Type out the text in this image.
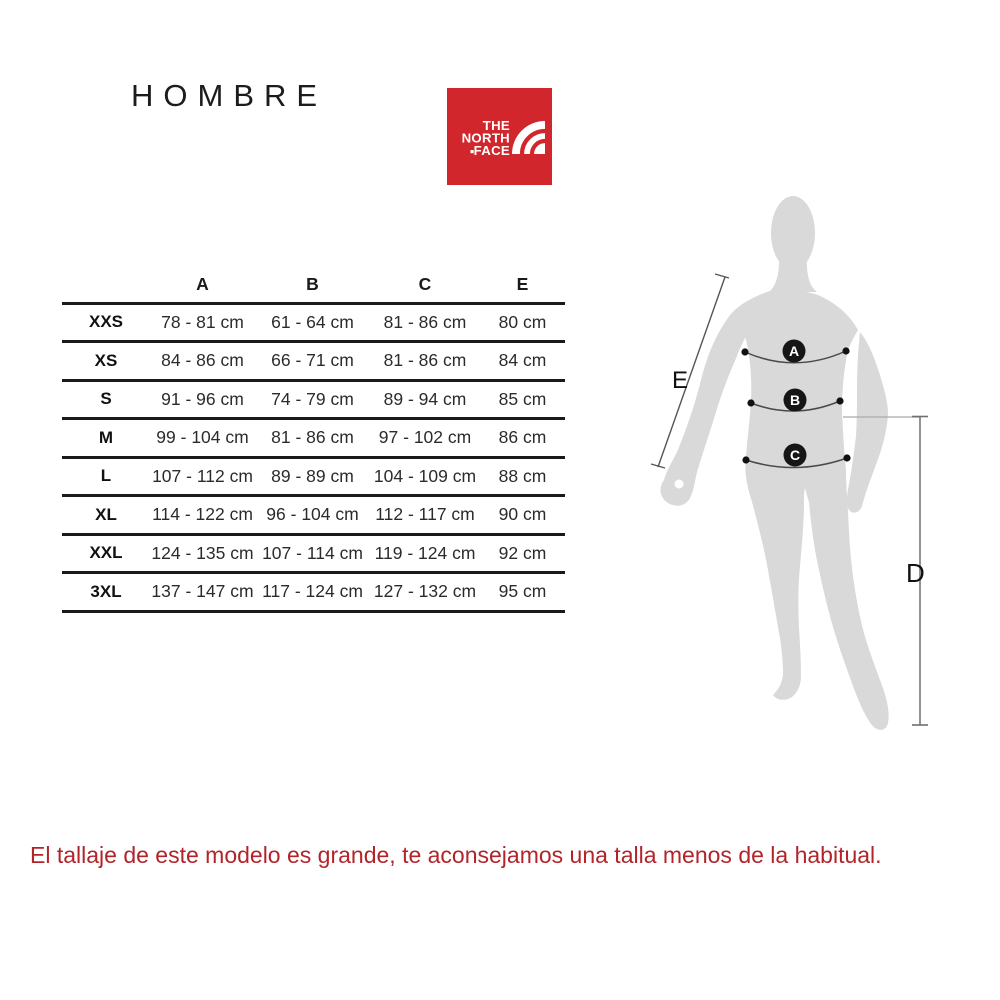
HOMBRE
THE
NORTH
FACE
	A	B	C	E
XXS	78 - 81 cm	61 - 64 cm	81 - 86 cm	80 cm
XS	84 - 86 cm	66 - 71 cm	81 - 86 cm	84 cm
S	91 - 96 cm	74 - 79 cm	89 - 94 cm	85 cm
M	99 - 104 cm	81 - 86 cm	97 - 102 cm	86 cm
L	107 - 112 cm	89 - 89 cm	104 - 109 cm	88 cm
XL	114 - 122 cm	96 - 104 cm	112 - 117 cm	90 cm
XXL	124 - 135 cm	107 - 114 cm	119 - 124 cm	92 cm
3XL	137 - 147 cm	117 - 124 cm	127 - 132 cm	95 cm
A
B
C
E
D
El tallaje de este modelo es grande, te aconsejamos una talla menos de la habitual.
